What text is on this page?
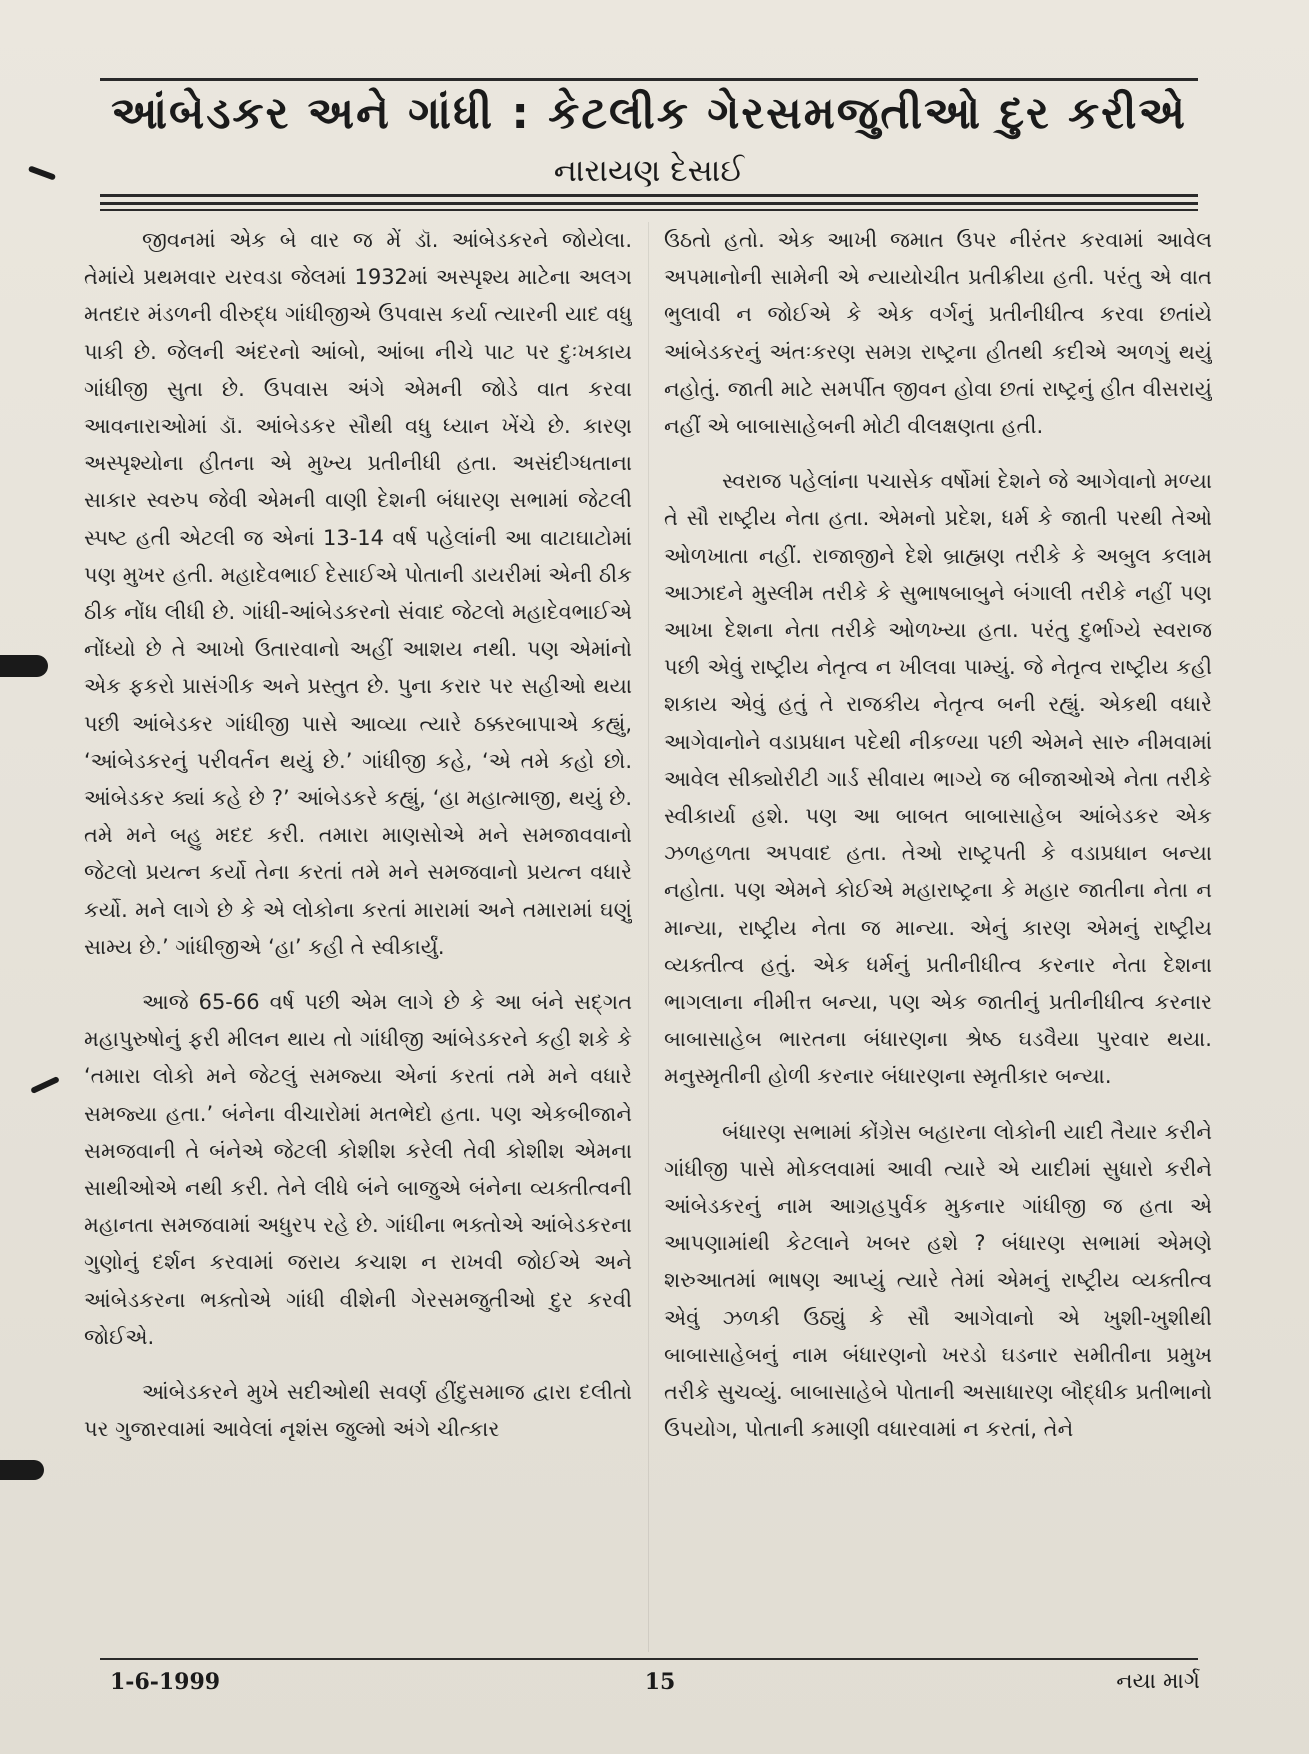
આંબેડકર અને ગાંધી : કેટલીક ગેરસમજુતીઓ દુર કરીએ
નારાયણ દેસાઈ

જીવનમાં એક બે વાર જ મેં ડૉ. આંબેડકરને જોયેલા. તેમાંયે પ્રથમવાર યરવડા જેલમાં 1932માં અસ્પૃશ્ય માટેના અલગ મતદાર મંડળની વીરુદ્ધ ગાંધીજીએ ઉપવાસ કર્યા ત્યારની યાદ વધુ પાકી છે. જેલની અંદરનો આંબો, આંબા નીચે પાટ પર દુઃખકાય ગાંધીજી સુતા છે. ઉપવાસ અંગે એમની જોડે વાત કરવા આવનારાઓમાં ડૉ. આંબેડકર સૌથી વધુ ધ્યાન ખેંચે છે. કારણ અસ્પૃશ્યોના હીતના એ મુખ્ય પ્રતીનીધી હતા. અસંદીગ્ધતાના સાકાર સ્વરુપ જેવી એમની વાણી દેશની બંધારણ સભામાં જેટલી સ્પષ્ટ હતી એટલી જ એનાં 13-14 વર્ષ પહેલાંની આ વાટાઘાટોમાં પણ મુખર હતી. મહાદેવભાઈ દેસાઈએ પોતાની ડાયરીમાં એની ઠીક ઠીક નોંધ લીધી છે. ગાંધી-આંબેડકરનો સંવાદ જેટલો મહાદેવભાઈએ નોંધ્યો છે તે આખો ઉતારવાનો અહીં આશય નથી. પણ એમાંનો એક ફકરો પ્રાસંગીક અને પ્રસ્તુત છે. પુના કરાર પર સહીઓ થયા પછી આંબેડકર ગાંધીજી પાસે આવ્યા ત્યારે ઠક્કરબાપાએ કહ્યું, ‘આંબેડકરનું પરીવર્તન થયું છે.’ ગાંધીજી કહે, ‘એ તમે કહો છો. આંબેડકર ક્યાં કહે છે ?’ આંબેડકરે કહ્યું, ‘હા મહાત્માજી, થયું છે. તમે મને બહુ મદદ કરી. તમારા માણસોએ મને સમજાવવાનો જેટલો પ્રયત્ન કર્યો તેના કરતાં તમે મને સમજવાનો પ્રયત્ન વધારે કર્યો. મને લાગે છે કે એ લોકોના કરતાં મારામાં અને તમારામાં ઘણું સામ્ય છે.’ ગાંધીજીએ ‘હા’ કહી તે સ્વીકાર્યું.

આજે 65-66 વર્ષ પછી એમ લાગે છે કે આ બંને સદ્ગત મહાપુરુષોનું ફરી મીલન થાય તો ગાંધીજી આંબેડકરને કહી શકે કે ‘તમારા લોકો મને જેટલું સમજ્યા એનાં કરતાં તમે મને વધારે સમજ્યા હતા.’ બંનેના વીચારોમાં મતભેદો હતા. પણ એકબીજાને સમજવાની તે બંનેએ જેટલી કોશીશ કરેલી તેવી કોશીશ એમના સાથીઓએ નથી કરી. તેને લીધે બંને બાજુએ બંનેના વ્યક્તીત્વની મહાનતા સમજવામાં અધુરપ રહે છે. ગાંધીના ભક્તોએ આંબેડકરના ગુણોનું દર્શન કરવામાં જરાય કચાશ ન રાખવી જોઈએ અને આંબેડકરના ભક્તોએ ગાંધી વીશેની ગેરસમજુતીઓ દુર કરવી જોઈએ.

આંબેડકરને મુખે સદીઓથી સવર્ણ હીંદુસમાજ દ્વારા દલીતો પર ગુજારવામાં આવેલાં નૃશંસ જુલ્મો અંગે ચીત્કાર

ઉઠતો હતો. એક આખી જમાત ઉપર નીરંતર કરવામાં આવેલ અપમાનોની સામેની એ ન્યાયોચીત પ્રતીક્રીયા હતી. પરંતુ એ વાત ભુલાવી ન જોઈએ કે એક વર્ગનું પ્રતીનીધીત્વ કરવા છતાંયે આંબેડકરનું અંતઃકરણ સમગ્ર રાષ્ટ્રના હીતથી કદીએ અળગું થયું નહોતું. જાતી માટે સમર્પીત જીવન હોવા છતાં રાષ્ટ્રનું હીત વીસરાયું નહીં એ બાબાસાહેબની મોટી વીલક્ષણતા હતી.

સ્વરાજ પહેલાંના પચાસેક વર્ષોમાં દેશને જે આગેવાનો મળ્યા તે સૌ રાષ્ટ્રીય નેતા હતા. એમનો પ્રદેશ, ધર્મ કે જાતી પરથી તેઓ ઓળખાતા નહીં. રાજાજીને દેશે બ્રાહ્મણ તરીકે કે અબુલ કલામ આઝાદને મુસ્લીમ તરીકે કે સુભાષબાબુને બંગાલી તરીકે નહીં પણ આખા દેશના નેતા તરીકે ઓળખ્યા હતા. પરંતુ દુર્ભાગ્યે સ્વરાજ પછી એવું રાષ્ટ્રીય નેતૃત્વ ન ખીલવા પામ્યું. જે નેતૃત્વ રાષ્ટ્રીય કહી શકાય એવું હતું તે રાજકીય નેતૃત્વ બની રહ્યું. એકથી વધારે આગેવાનોને વડાપ્રધાન પદેથી નીકળ્યા પછી એમને સારુ નીમવામાં આવેલ સીક્યોરીટી ગાર્ડ સીવાય ભાગ્યે જ બીજાઓએ નેતા તરીકે સ્વીકાર્યા હશે. પણ આ બાબત બાબાસાહેબ આંબેડકર એક ઝળહળતા અપવાદ હતા. તેઓ રાષ્ટ્રપતી કે વડાપ્રધાન બન્યા નહોતા. પણ એમને કોઈએ મહારાષ્ટ્રના કે મહાર જાતીના નેતા ન માન્યા, રાષ્ટ્રીય નેતા જ માન્યા. એનું કારણ એમનું રાષ્ટ્રીય વ્યક્તીત્વ હતું. એક ધર્મનું પ્રતીનીધીત્વ કરનાર નેતા દેશના ભાગલાના નીમીત્ત બન્યા, પણ એક જાતીનું પ્રતીનીધીત્વ કરનાર બાબાસાહેબ ભારતના બંધારણના શ્રેષ્ઠ ઘડવૈયા પુરવાર થયા. મનુસ્મૃતીની હોળી કરનાર બંધારણના સ્મૃતીકાર બન્યા.

બંધારણ સભામાં કોંગ્રેસ બહારના લોકોની યાદી તૈયાર કરીને ગાંધીજી પાસે મોકલવામાં આવી ત્યારે એ યાદીમાં સુધારો કરીને આંબેડકરનું નામ આગ્રહપુર્વક મુકનાર ગાંધીજી જ હતા એ આપણામાંથી કેટલાને ખબર હશે ? બંધારણ સભામાં એમણે શરુઆતમાં ભાષણ આપ્યું ત્યારે તેમાં એમનું રાષ્ટ્રીય વ્યક્તીત્વ એવું ઝળકી ઉઠ્યું કે સૌ આગેવાનો એ ખુશી-ખુશીથી બાબાસાહેબનું નામ બંધારણનો ખરડો ઘડનાર સમીતીના પ્રમુખ તરીકે સુચવ્યું. બાબાસાહેબે પોતાની અસાધારણ બૌદ્ધીક પ્રતીભાનો ઉપયોગ, પોતાની કમાણી વધારવામાં ન કરતાં, તેને

1-6-1999	15	નયા માર્ગ
